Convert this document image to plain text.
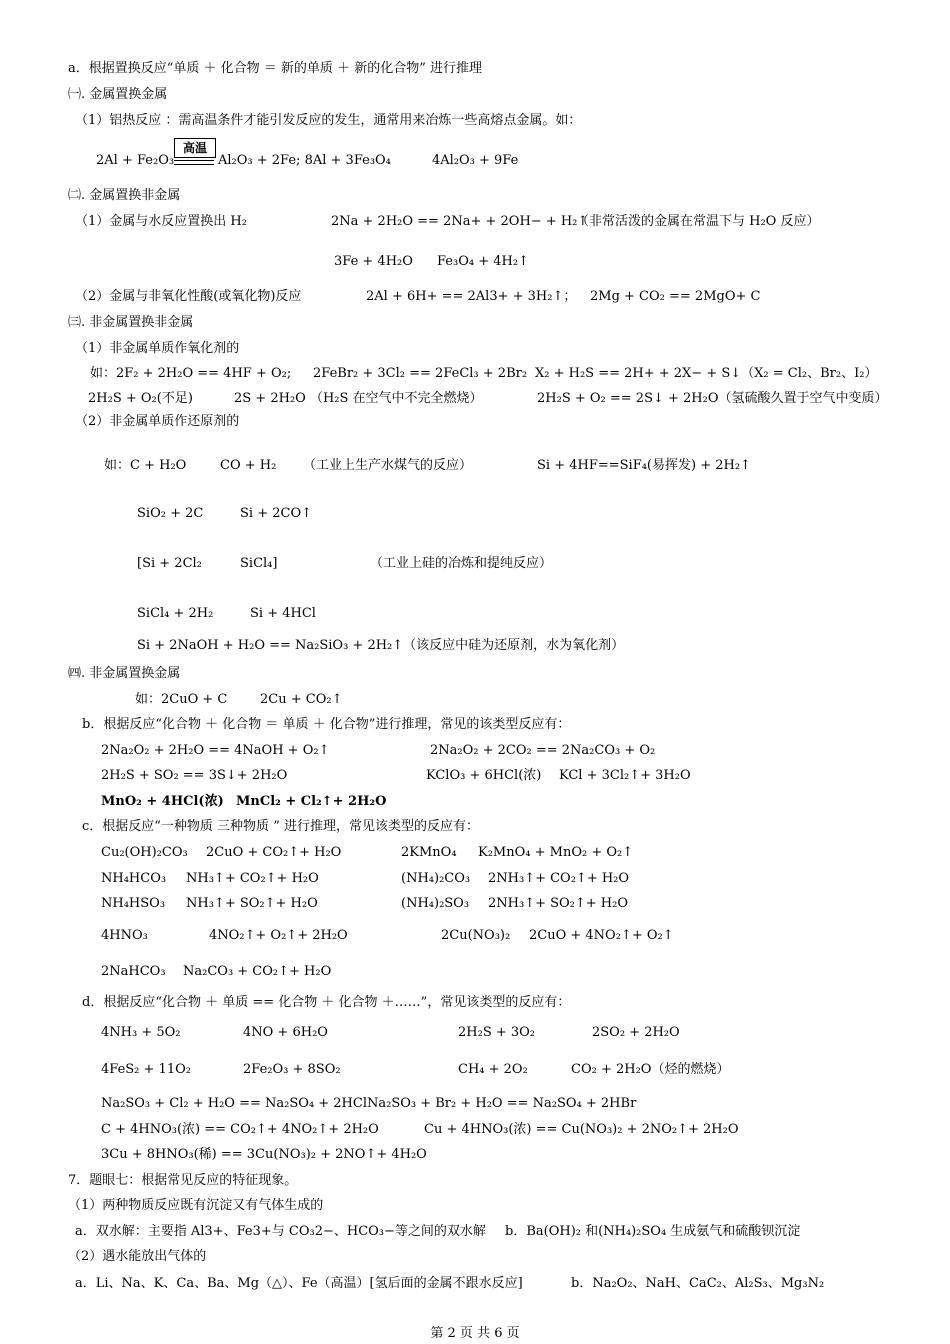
a．根据置换反应“单质 ＋ 化合物 ＝ 新的单质 ＋ 新的化合物” 进行推理
㈠. 金属置换金属
（1）铝热反应 ：需高温条件才能引发反应的发生，通常用来冶炼一些高熔点金属。如：
2Al + Fe₂O₃
高温
Al₂O₃ + 2Fe; 8Al + 3Fe₃O₄	4Al₂O₃ + 9Fe
㈡. 金属置换非金属
（1）金属与水反应置换出 H₂	2Na + 2H₂O == 2Na+ + 2OH− + H₂↑
（非常活泼的金属在常温下与 H₂O 反应）
3Fe + 4H₂O Fe₃O₄ + 4H₂↑
（2）金属与非氧化性酸(或氧化物)反应	2Al + 6H+ == 2Al3+ + 3H₂↑； 2Mg + CO₂ == 2MgO+ C
㈢. 非金属置换非金属
（1）非金属单质作氧化剂的
如：2F₂ + 2H₂O == 4HF + O₂; 2FeBr₂ + 3Cl₂ == 2FeCl₃ + 2Br₂ X₂ + H₂S == 2H+ + 2X− + S↓（X₂ = Cl₂、Br₂、I₂）
2H₂S + O₂(不足)	2S + 2H₂O （H₂S 在空气中不完全燃烧）	2H₂S + O₂ == 2S↓ + 2H₂O（氢硫酸久置于空气中变质）
（2）非金属单质作还原剂的
如：C + H₂O	CO + H₂ （工业上生产水煤气的反应）	Si + 4HF==SiF₄(易挥发) + 2H₂↑
SiO₂ + 2C	Si + 2CO↑
[Si + 2Cl₂	SiCl₄]	（工业上硅的冶炼和提纯反应）
SiCl₄ + 2H₂	Si + 4HCl
Si + 2NaOH + H₂O == Na₂SiO₃ + 2H₂↑（该反应中硅为还原剂，水为氧化剂）
㈣. 非金属置换金属
如：2CuO + C	2Cu + CO₂↑
b．根据反应“化合物 ＋ 化合物 ＝ 单质 ＋ 化合物”进行推理，常见的该类型反应有：
2Na₂O₂ + 2H₂O == 4NaOH + O₂↑	2Na₂O₂ + 2CO₂ == 2Na₂CO₃ + O₂
2H₂S + SO₂ == 3S↓+ 2H₂O	KClO₃ + 6HCl(浓) KCl + 3Cl₂↑+ 3H₂O
MnO₂ + 4HCl(浓) MnCl₂ + Cl₂↑+ 2H₂O
c．根据反应“一种物质 三种物质 ” 进行推理，常见该类型的反应有：
Cu₂(OH)₂CO₃ 2CuO + CO₂↑+ H₂O	2KMnO₄ K₂MnO₄ + MnO₂ + O₂↑
NH₄HCO₃ NH₃↑+ CO₂↑+ H₂O	(NH₄)₂CO₃ 2NH₃↑+ CO₂↑+ H₂O
NH₄HSO₃ NH₃↑+ SO₂↑+ H₂O	(NH₄)₂SO₃ 2NH₃↑+ SO₂↑+ H₂O
4HNO₃	4NO₂↑+ O₂↑+ 2H₂O	2Cu(NO₃)₂ 2CuO + 4NO₂↑+ O₂↑
2NaHCO₃ Na₂CO₃ + CO₂↑+ H₂O
d．根据反应“化合物 ＋ 单质 == 化合物 ＋ 化合物 ＋……”，常见该类型的反应有：
4NH₃ + 5O₂	4NO + 6H₂O	2H₂S + 3O₂	2SO₂ + 2H₂O
4FeS₂ + 11O₂	2Fe₂O₃ + 8SO₂	CH₄ + 2O₂	CO₂ + 2H₂O（烃的燃烧）
Na₂SO₃ + Cl₂ + H₂O == Na₂SO₄ + 2HClNa₂SO₃ + Br₂ + H₂O == Na₂SO₄ + 2HBr
C + 4HNO₃(浓) == CO₂↑+ 4NO₂↑+ 2H₂O	Cu + 4HNO₃(浓) == Cu(NO₃)₂ + 2NO₂↑+ 2H₂O
3Cu + 8HNO₃(稀) == 3Cu(NO₃)₂ + 2NO↑+ 4H₂O
7．题眼七：根据常见反应的特征现象。
（1）两种物质反应既有沉淀又有气体生成的
a．双水解：主要指 Al3+、Fe3+与 CO₃2−、HCO₃−等之间的双水解 b．Ba(OH)₂ 和(NH₄)₂SO₄ 生成氨气和硫酸钡沉淀
（2）遇水能放出气体的
a．Li、Na、K、Ca、Ba、Mg（△）、Fe（高温）[氢后面的金属不跟水反应]	b．Na₂O₂、NaH、CaC₂、Al₂S₃、Mg₃N₂
第 2 页 共 6 页
